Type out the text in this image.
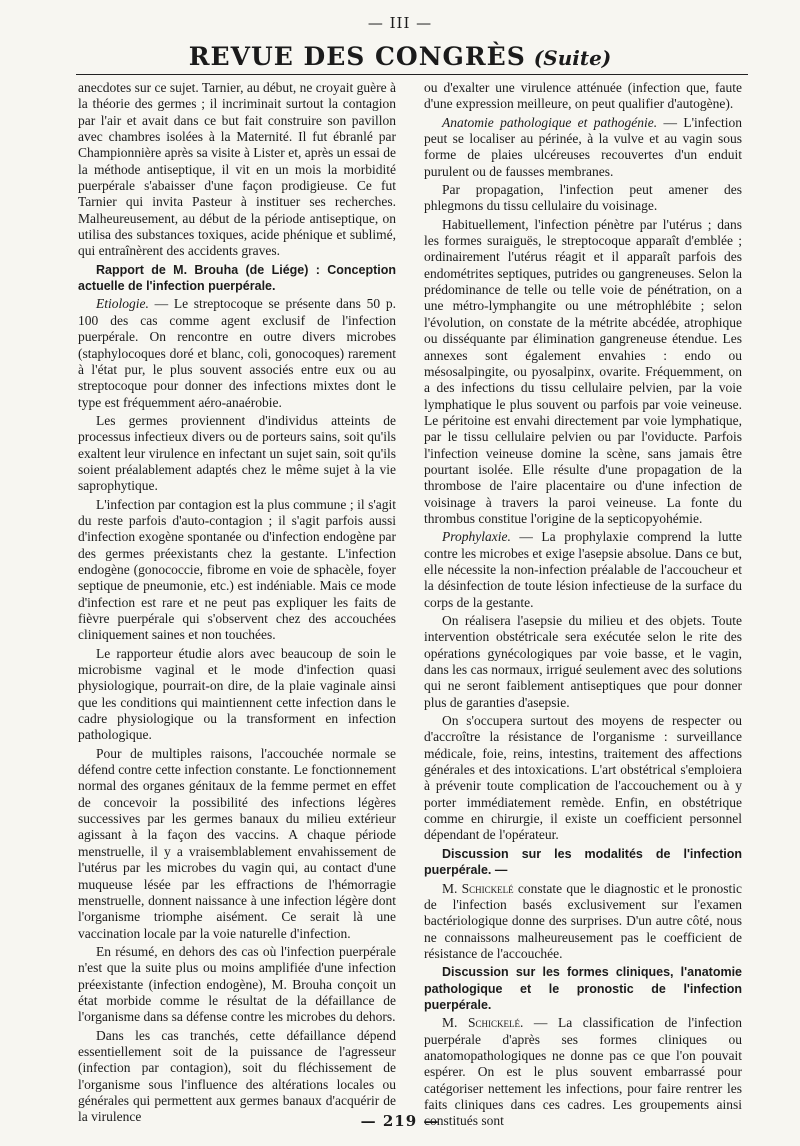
— III —
REVUE DES CONGRÈS (Suite)

anecdotes sur ce sujet. Tarnier, au début, ne croyait guère à la théorie des germes ; il incriminait surtout la contagion par l'air et avait dans ce but fait construire son pavillon avec chambres isolées à la Maternité. Il fut ébranlé par Championnière après sa visite à Lister et, après un essai de la méthode antiseptique, il vit en un mois la morbidité puerpérale s'abaisser d'une façon prodigieuse. Ce fut Tarnier qui invita Pasteur à instituer ses recherches. Malheureusement, au début de la période antiseptique, on utilisa des substances toxiques, acide phénique et sublimé, qui entraînèrent des accidents graves.

Rapport de M. Brouha (de Liége) : Conception actuelle de l'infection puerpérale.

Etiologie. — Le streptocoque se présente dans 50 p. 100 des cas comme agent exclusif de l'infection puerpérale. On rencontre en outre divers microbes (staphylocoques doré et blanc, coli, gonocoques) rarement à l'état pur, le plus souvent associés entre eux ou au streptocoque pour donner des infections mixtes dont le type est fréquemment aéro-anaérobie.

Les germes proviennent d'individus atteints de processus infectieux divers ou de porteurs sains, soit qu'ils exaltent leur virulence en infectant un sujet sain, soit qu'ils soient préalablement adaptés chez le même sujet à la vie saprophytique.

L'infection par contagion est la plus commune ; il s'agit du reste parfois d'auto-contagion ; il s'agit parfois aussi d'infection exogène spontanée ou d'infection endogène par des germes préexistants chez la gestante. L'infection endogène (gonococcie, fibrome en voie de sphacèle, foyer septique de pneumonie, etc.) est indéniable. Mais ce mode d'infection est rare et ne peut pas expliquer les faits de fièvre puerpérale qui s'observent chez des accouchées cliniquement saines et non touchées.

Le rapporteur étudie alors avec beaucoup de soin le microbisme vaginal et le mode d'infection quasi physiologique, pourrait-on dire, de la plaie vaginale ainsi que les conditions qui maintiennent cette infection dans le cadre physiologique ou la transforment en infection pathologique.

Pour de multiples raisons, l'accouchée normale se défend contre cette infection constante. Le fonctionnement normal des organes génitaux de la femme permet en effet de concevoir la possibilité des infections légères successives par les germes banaux du milieu extérieur agissant à la façon des vaccins. A chaque période menstruelle, il y a vraisemblablement envahissement de l'utérus par les microbes du vagin qui, au contact d'une muqueuse lésée par les effractions de l'hémorragie menstruelle, donnent naissance à une infection légère dont l'organisme triomphe aisément. Ce serait là une vaccination locale par la voie naturelle d'infection.

En résumé, en dehors des cas où l'infection puerpérale n'est que la suite plus ou moins amplifiée d'une infection préexistante (infection endogène), M. Brouha conçoit un état morbide comme le résultat de la défaillance de l'organisme dans sa défense contre les microbes du dehors.

Dans les cas tranchés, cette défaillance dépend essentiellement soit de la puissance de l'agresseur (infection par contagion), soit du fléchissement de l'organisme sous l'influence des altérations locales ou générales qui permettent aux germes banaux d'acquérir de la virulence

ou d'exalter une virulence atténuée (infection que, faute d'une expression meilleure, on peut qualifier d'autogène).

Anatomie pathologique et pathogénie. — L'infection peut se localiser au périnée, à la vulve et au vagin sous forme de plaies ulcéreuses recouvertes d'un enduit purulent ou de fausses membranes.

Par propagation, l'infection peut amener des phlegmons du tissu cellulaire du voisinage.

Habituellement, l'infection pénètre par l'utérus ; dans les formes suraiguës, le streptocoque apparaît d'emblée ; ordinairement l'utérus réagit et il apparaît parfois des endométrites septiques, putrides ou gangreneuses. Selon la prédominance de telle ou telle voie de pénétration, on a une métro-lymphangite ou une métrophlébite ; selon l'évolution, on constate de la métrite abcédée, atrophique ou disséquante par élimination gangreneuse étendue. Les annexes sont également envahies : endo ou mésosalpingite, ou pyosalpinx, ovarite. Fréquemment, on a des infections du tissu cellulaire pelvien, par la voie lymphatique le plus souvent ou parfois par voie veineuse. Le péritoine est envahi directement par voie lymphatique, par le tissu cellulaire pelvien ou par l'oviducte. Parfois l'infection veineuse domine la scène, sans jamais être pourtant isolée. Elle résulte d'une propagation de la thrombose de l'aire placentaire ou d'une infection de voisinage à travers la paroi veineuse. La fonte du thrombus constitue l'origine de la septicopyohémie.

Prophylaxie. — La prophylaxie comprend la lutte contre les microbes et exige l'asepsie absolue. Dans ce but, elle nécessite la non-infection préalable de l'accoucheur et la désinfection de toute lésion infectieuse de la surface du corps de la gestante.

On réalisera l'asepsie du milieu et des objets. Toute intervention obstétricale sera exécutée selon le rite des opérations gynécologiques par voie basse, et le vagin, dans les cas normaux, irrigué seulement avec des solutions qui ne seront faiblement antiseptiques que pour donner plus de garanties d'asepsie.

On s'occupera surtout des moyens de respecter ou d'accroître la résistance de l'organisme : surveillance médicale, foie, reins, intestins, traitement des affections générales et des intoxications. L'art obstétrical s'emploiera à prévenir toute complication de l'accouchement ou à y porter immédiatement remède. Enfin, en obstétrique comme en chirurgie, il existe un coefficient personnel dépendant de l'opérateur.

Discussion sur les modalités de l'infection puerpérale. —

M. Schickelé constate que le diagnostic et le pronostic de l'infection basés exclusivement sur l'examen bactériologique donne des surprises. D'un autre côté, nous ne connaissons malheureusement pas le coefficient de résistance de l'accouchée.

Discussion sur les formes cliniques, l'anatomie pathologique et le pronostic de l'infection puerpérale.

M. Schickelé. — La classification de l'infection puerpérale d'après ses formes cliniques ou anatomopathologiques ne donne pas ce que l'on pouvait espérer. On est le plus souvent embarrassé pour catégoriser nettement les infections, pour faire rentrer les faits cliniques dans ces cadres. Les groupements ainsi constitués sont

— 219 —
